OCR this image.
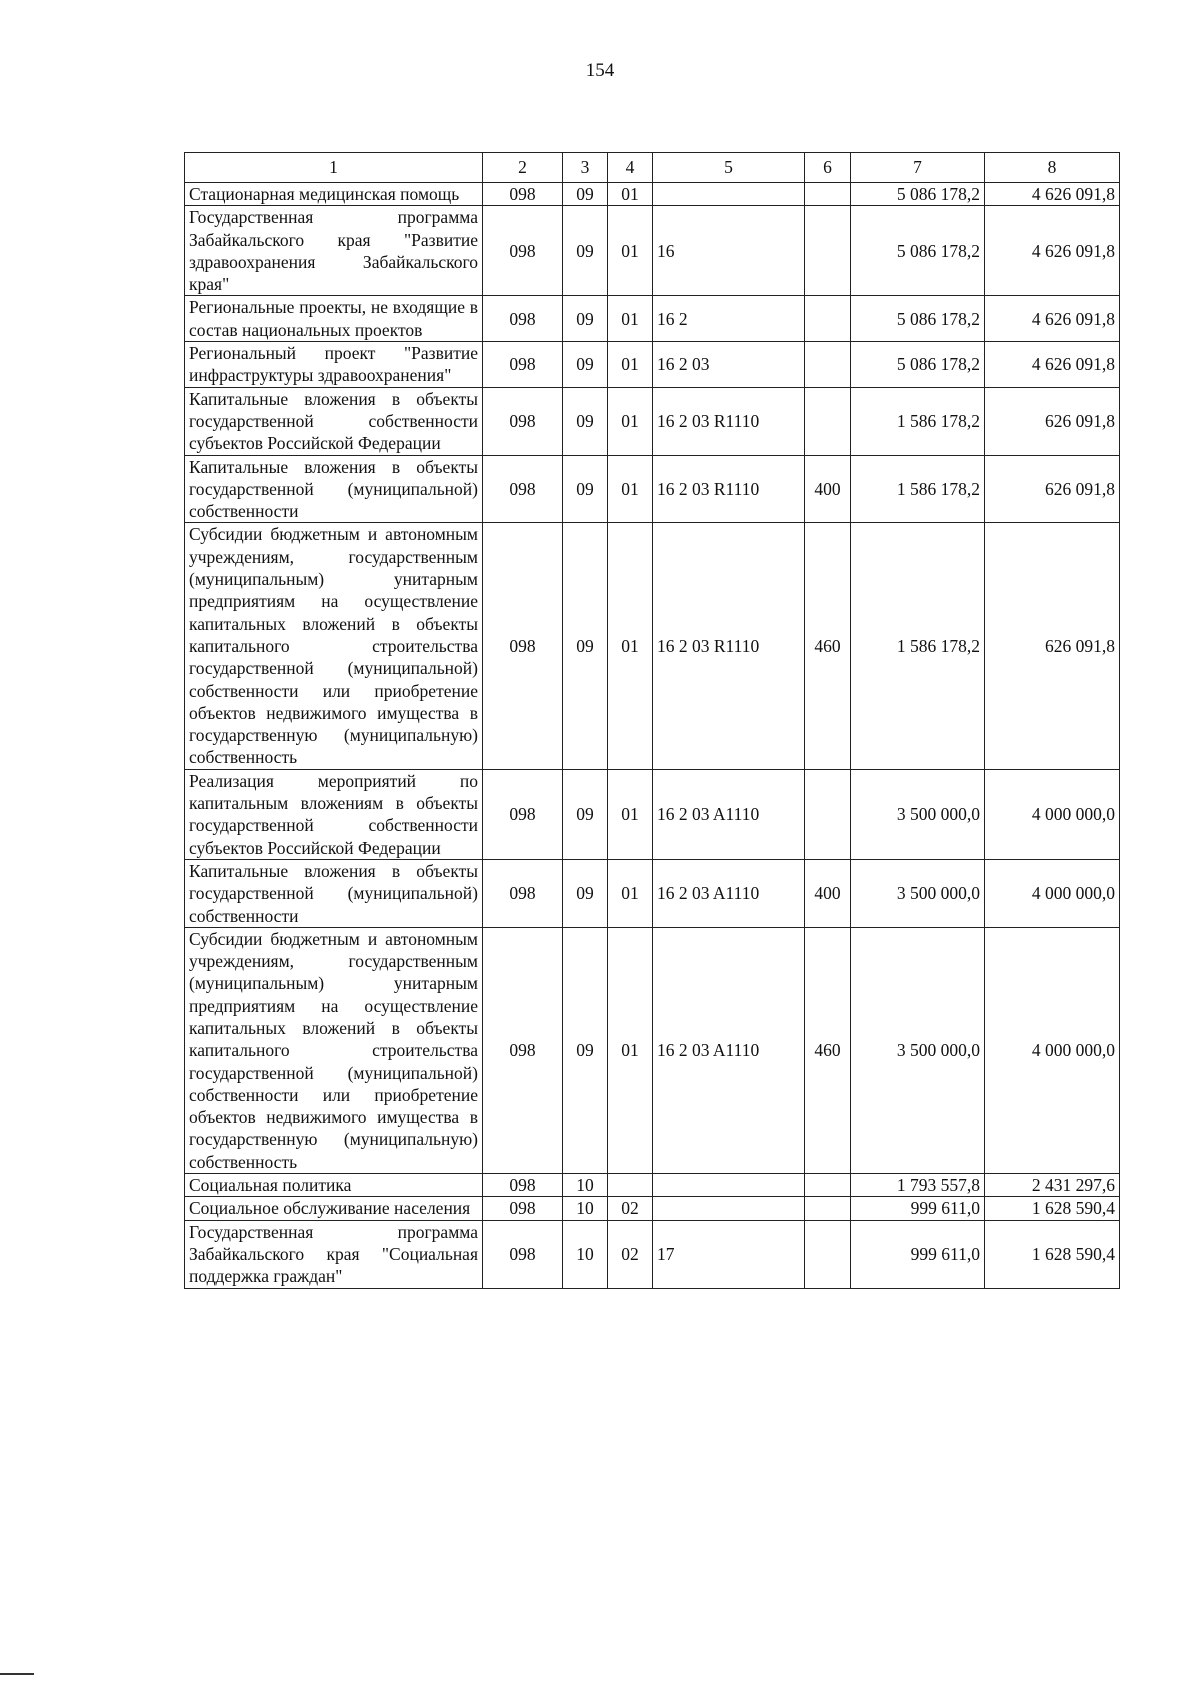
154
1	2	3	4	5	6	7	8
Стационарная медицинская помощь	098	09	01			5 086 178,2	4 626 091,8
Государственная программа Забайкальского края "Развитие здравоохранения Забайкальского края"	098	09	01	16		5 086 178,2	4 626 091,8
Региональные проекты, не входящие в состав национальных проектов	098	09	01	16 2		5 086 178,2	4 626 091,8
Региональный проект "Развитие инфраструктуры здравоохранения"	098	09	01	16 2 03		5 086 178,2	4 626 091,8
Капитальные вложения в объекты государственной собственности субъектов Российской Федерации	098	09	01	16 2 03 R1110		1 586 178,2	626 091,8
Капитальные вложения в объекты государственной (муниципальной) собственности	098	09	01	16 2 03 R1110	400	1 586 178,2	626 091,8
Субсидии бюджетным и автономным учреждениям, государственным (муниципальным) унитарным предприятиям на осуществление капитальных вложений в объекты капитального строительства государственной (муниципальной) собственности или приобретение объектов недвижимого имущества в государственную (муниципальную) собственность	098	09	01	16 2 03 R1110	460	1 586 178,2	626 091,8
Реализация мероприятий по капитальным вложениям в объекты государственной собственности субъектов Российской Федерации	098	09	01	16 2 03 A1110		3 500 000,0	4 000 000,0
Капитальные вложения в объекты государственной (муниципальной) собственности	098	09	01	16 2 03 A1110	400	3 500 000,0	4 000 000,0
Субсидии бюджетным и автономным учреждениям, государственным (муниципальным) унитарным предприятиям на осуществление капитальных вложений в объекты капитального строительства государственной (муниципальной) собственности или приобретение объектов недвижимого имущества в государственную (муниципальную) собственность	098	09	01	16 2 03 A1110	460	3 500 000,0	4 000 000,0
Социальная политика	098	10				1 793 557,8	2 431 297,6
Социальное обслуживание населения	098	10	02			999 611,0	1 628 590,4
Государственная программа Забайкальского края "Социальная поддержка граждан"	098	10	02	17		999 611,0	1 628 590,4
